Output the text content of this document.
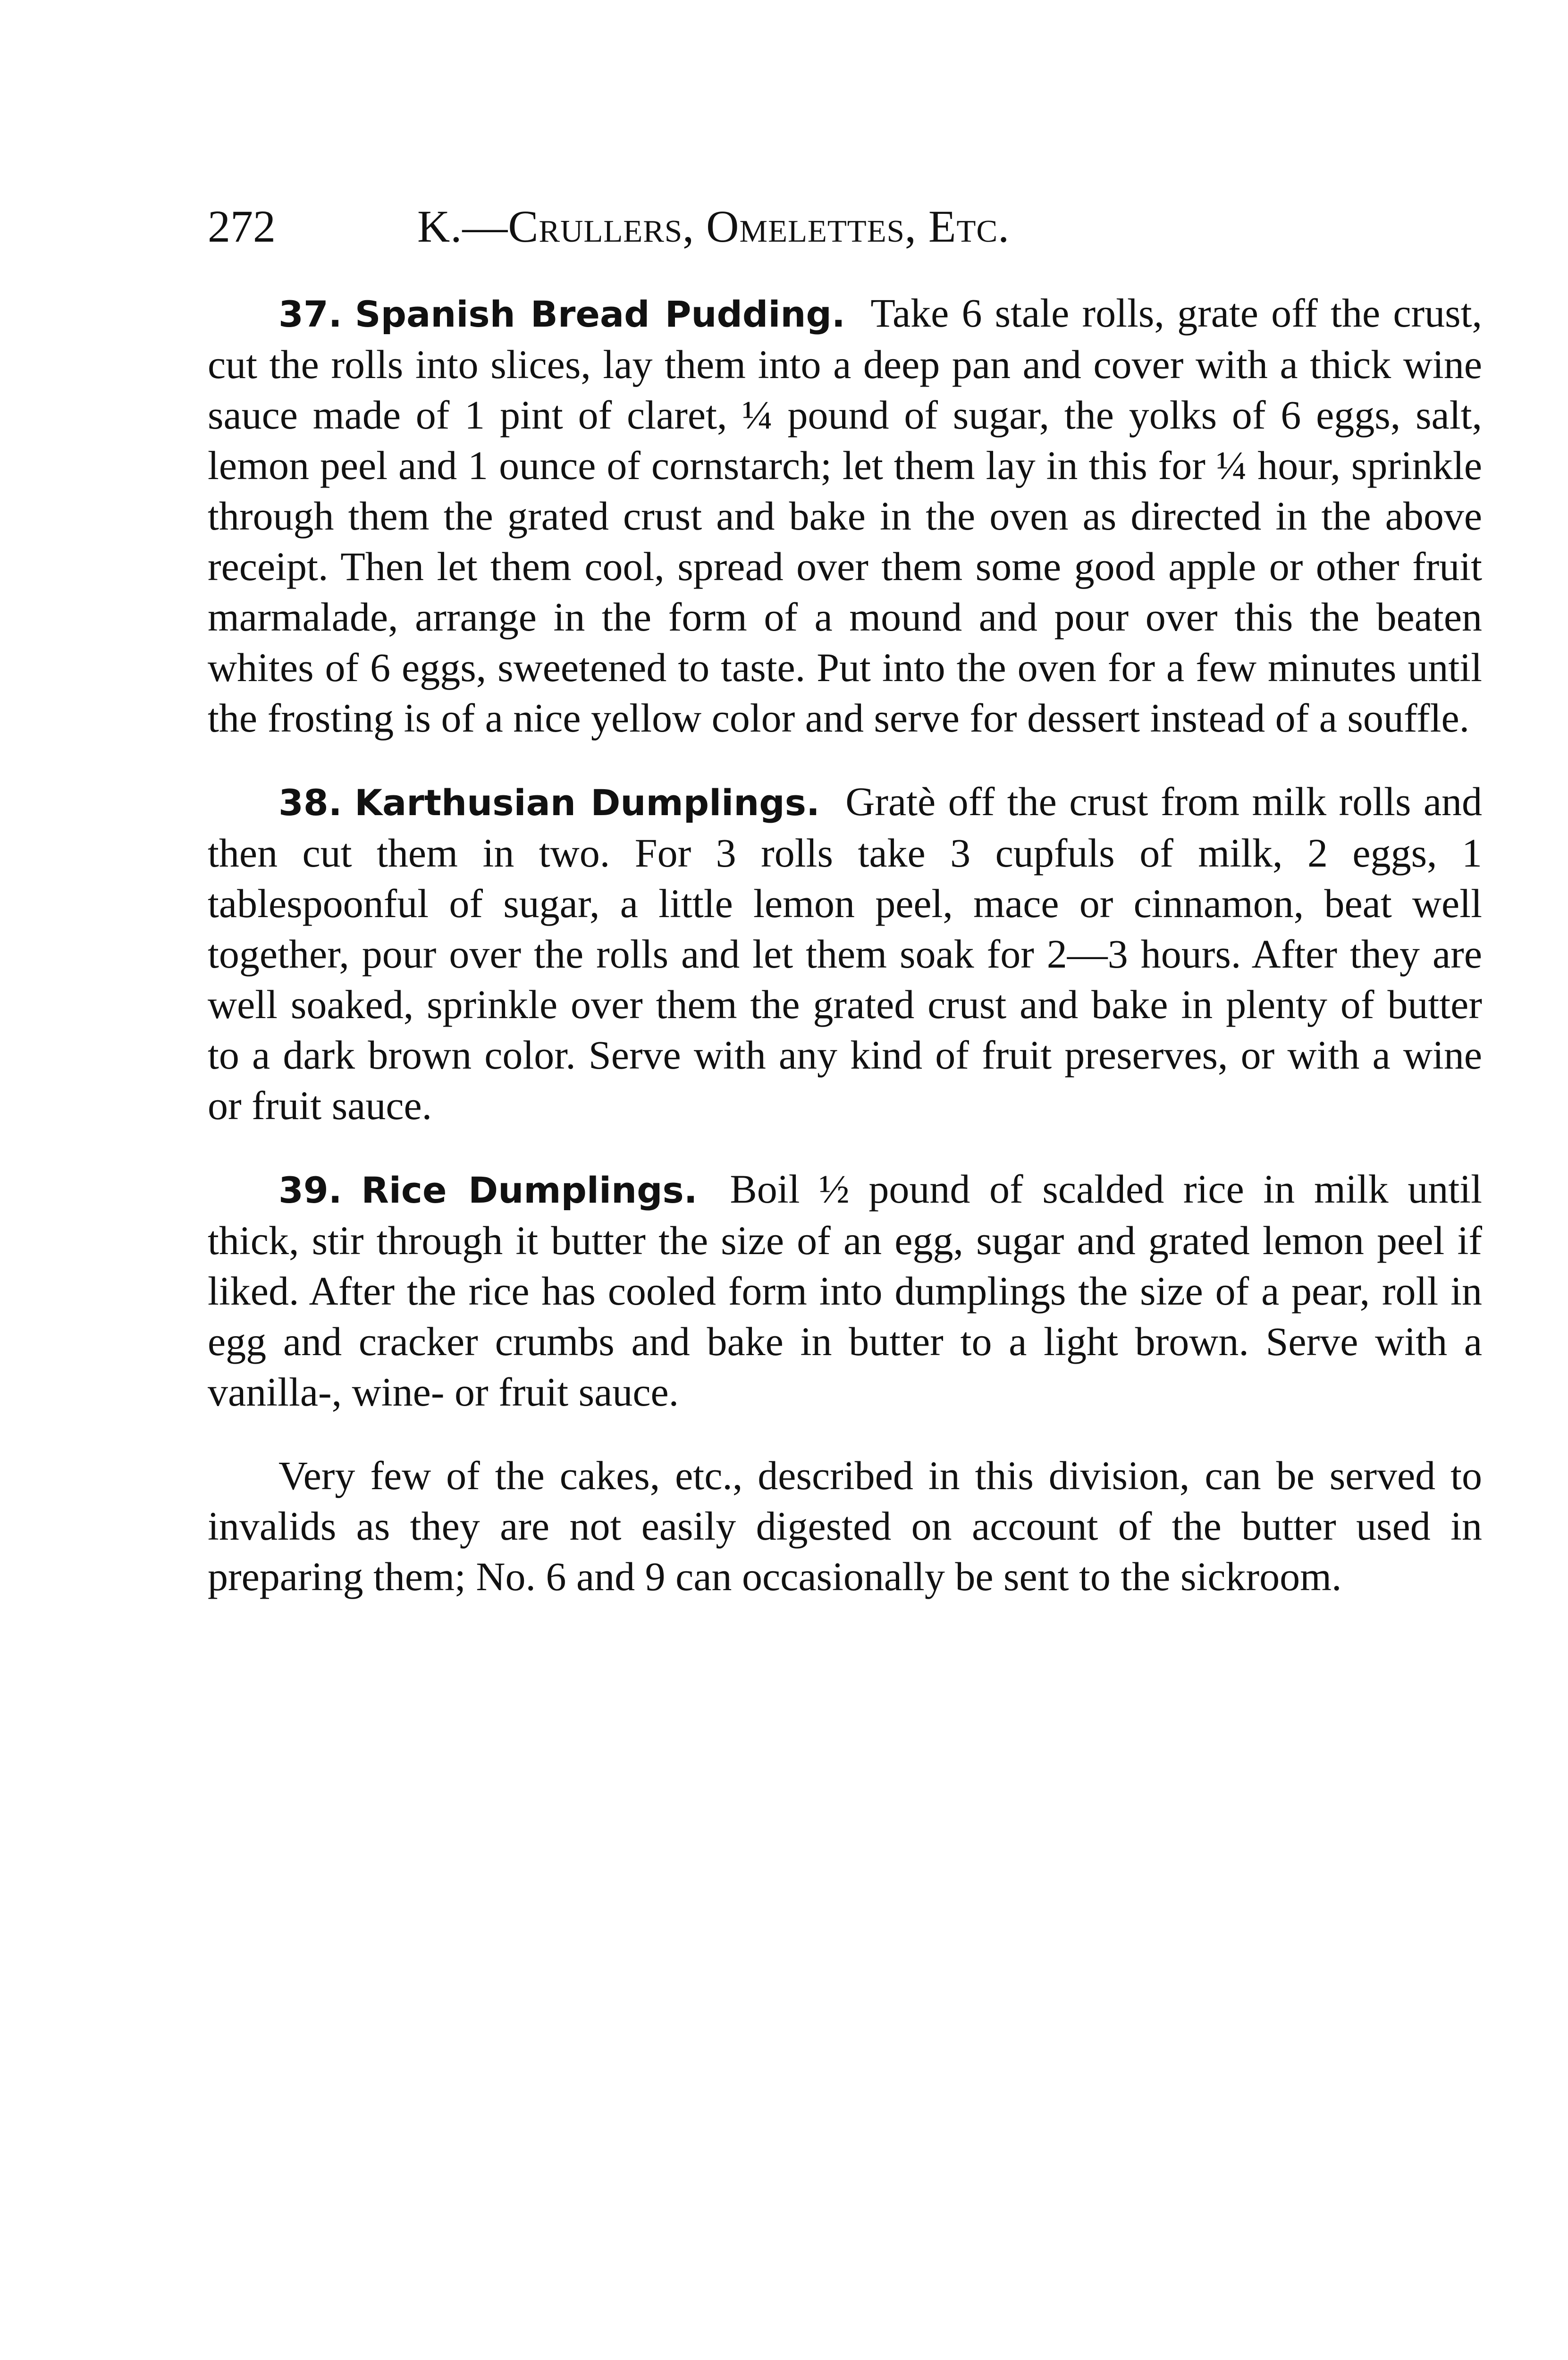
272	K.—Crullers, Omelettes, Etc.

37. Spanish Bread Pudding. Take 6 stale rolls, grate off the crust, cut the rolls into slices, lay them into a deep pan and cover with a thick wine sauce made of 1 pint of claret, ¼ pound of sugar, the yolks of 6 eggs, salt, lemon peel and 1 ounce of cornstarch; let them lay in this for ¼ hour, sprinkle through them the grated crust and bake in the oven as directed in the above receipt. Then let them cool, spread over them some good apple or other fruit marmalade, arrange in the form of a mound and pour over this the beaten whites of 6 eggs, sweetened to taste. Put into the oven for a few minutes until the frosting is of a nice yellow color and serve for dessert instead of a souffle.

38. Karthusian Dumplings. Gratè off the crust from milk rolls and then cut them in two. For 3 rolls take 3 cupfuls of milk, 2 eggs, 1 tablespoonful of sugar, a little lemon peel, mace or cinnamon, beat well together, pour over the rolls and let them soak for 2—3 hours. After they are well soaked, sprinkle over them the grated crust and bake in plenty of butter to a dark brown color. Serve with any kind of fruit preserves, or with a wine or fruit sauce.

39. Rice Dumplings. Boil ½ pound of scalded rice in milk until thick, stir through it butter the size of an egg, sugar and grated lemon peel if liked. After the rice has cooled form into dumplings the size of a pear, roll in egg and cracker crumbs and bake in butter to a light brown. Serve with a vanilla-, wine- or fruit sauce.

Very few of the cakes, etc., described in this division, can be served to invalids as they are not easily digested on account of the butter used in preparing them; No. 6 and 9 can occasionally be sent to the sickroom.
